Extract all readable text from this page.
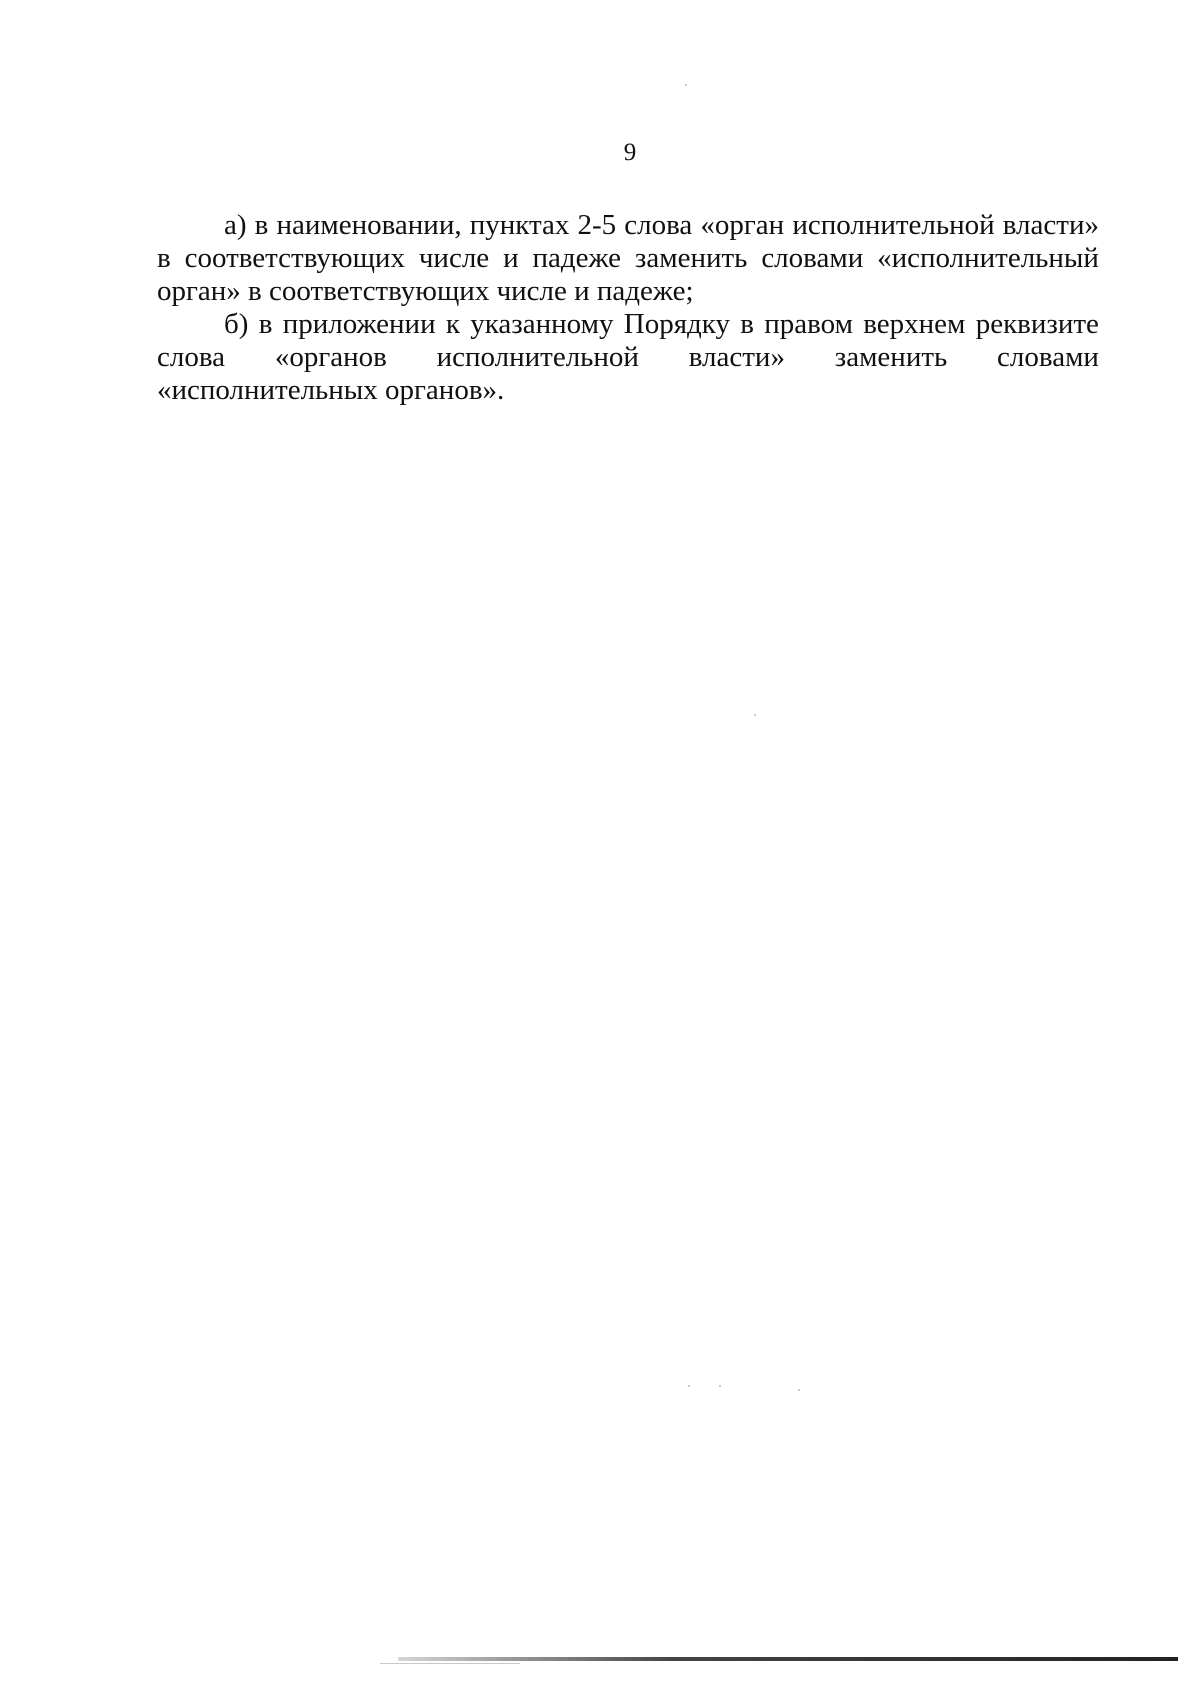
9
а) в наименовании, пунктах 2-5 слова «орган исполнительной власти»
в соответствующих числе и падеже заменить словами «исполнительный
орган» в соответствующих числе и падеже;
б) в приложении к указанному Порядку в правом верхнем реквизите
слова «органов исполнительной власти» заменить словами
«исполнительных органов».
